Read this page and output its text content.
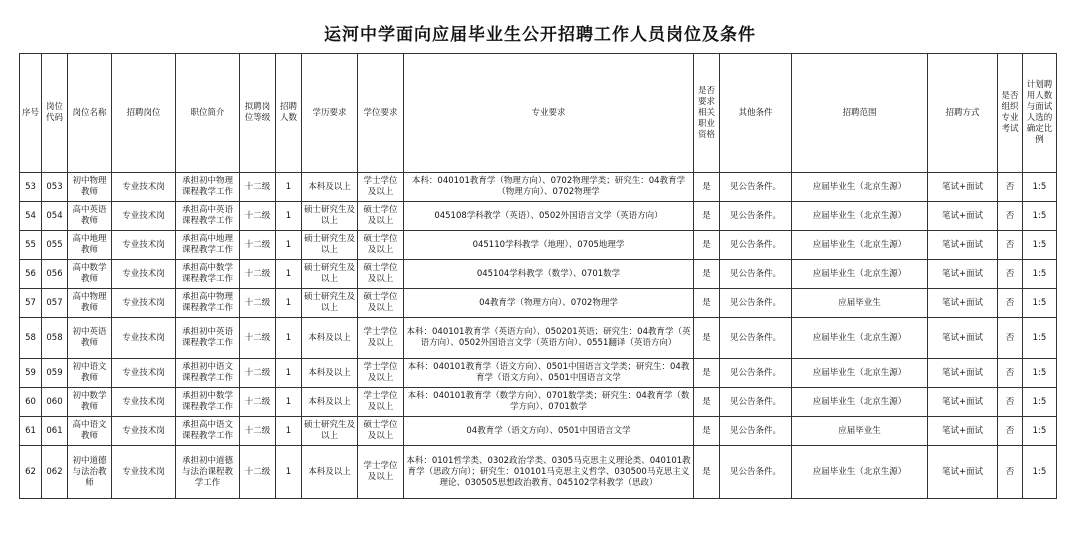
运河中学面向应届毕业生公开招聘工作人员岗位及条件
序号	岗位代码	岗位名称	招聘岗位	职位简介	拟聘岗位等级	招聘人数	学历要求	学位要求	专业要求	是否要求相关职业资格	其他条件	招聘范围	招聘方式	是否组织专业考试	计划聘用人数与面试人选的确定比例
53	053	初中物理教师	专业技术岗	承担初中物理课程教学工作	十二级	1	本科及以上	学士学位及以上	本科：040101教育学（物理方向）、0702物理学类；研究生：04教育学（物理方向）、0702物理学	是	见公告条件。	应届毕业生（北京生源）	笔试+面试	否	1:5
54	054	高中英语教师	专业技术岗	承担高中英语课程教学工作	十二级	1	硕士研究生及以上	硕士学位及以上	045108学科教学（英语）、0502外国语言文学（英语方向）	是	见公告条件。	应届毕业生（北京生源）	笔试+面试	否	1:5
55	055	高中地理教师	专业技术岗	承担高中地理课程教学工作	十二级	1	硕士研究生及以上	硕士学位及以上	045110学科教学（地理）、0705地理学	是	见公告条件。	应届毕业生（北京生源）	笔试+面试	否	1:5
56	056	高中数学教师	专业技术岗	承担高中数学课程教学工作	十二级	1	硕士研究生及以上	硕士学位及以上	045104学科教学（数学）、0701数学	是	见公告条件。	应届毕业生（北京生源）	笔试+面试	否	1:5
57	057	高中物理教师	专业技术岗	承担高中物理课程教学工作	十二级	1	硕士研究生及以上	硕士学位及以上	04教育学（物理方向）、0702物理学	是	见公告条件。	应届毕业生	笔试+面试	否	1:5
58	058	初中英语教师	专业技术岗	承担初中英语课程教学工作	十二级	1	本科及以上	学士学位及以上	本科：040101教育学（英语方向）、050201英语；研究生：04教育学（英语方向）、0502外国语言文学（英语方向）、0551翻译（英语方向）	是	见公告条件。	应届毕业生（北京生源）	笔试+面试	否	1:5
59	059	初中语文教师	专业技术岗	承担初中语文课程教学工作	十二级	1	本科及以上	学士学位及以上	本科：040101教育学（语文方向）、0501中国语言文学类；研究生：04教育学（语文方向）、0501中国语言文学	是	见公告条件。	应届毕业生（北京生源）	笔试+面试	否	1:5
60	060	初中数学教师	专业技术岗	承担初中数学课程教学工作	十二级	1	本科及以上	学士学位及以上	本科：040101教育学（数学方向）、0701数学类；研究生：04教育学（数学方向）、0701数学	是	见公告条件。	应届毕业生（北京生源）	笔试+面试	否	1:5
61	061	高中语文教师	专业技术岗	承担高中语文课程教学工作	十二级	1	硕士研究生及以上	硕士学位及以上	04教育学（语文方向）、0501中国语言文学	是	见公告条件。	应届毕业生	笔试+面试	否	1:5
62	062	初中道德与法治教师	专业技术岗	承担初中道德与法治课程教学工作	十二级	1	本科及以上	学士学位及以上	本科：0101哲学类、0302政治学类、0305马克思主义理论类、040101教育学（思政方向）；研究生：010101马克思主义哲学、030500马克思主义理论、030505思想政治教育、045102学科教学（思政）	是	见公告条件。	应届毕业生（北京生源）	笔试+面试	否	1:5
